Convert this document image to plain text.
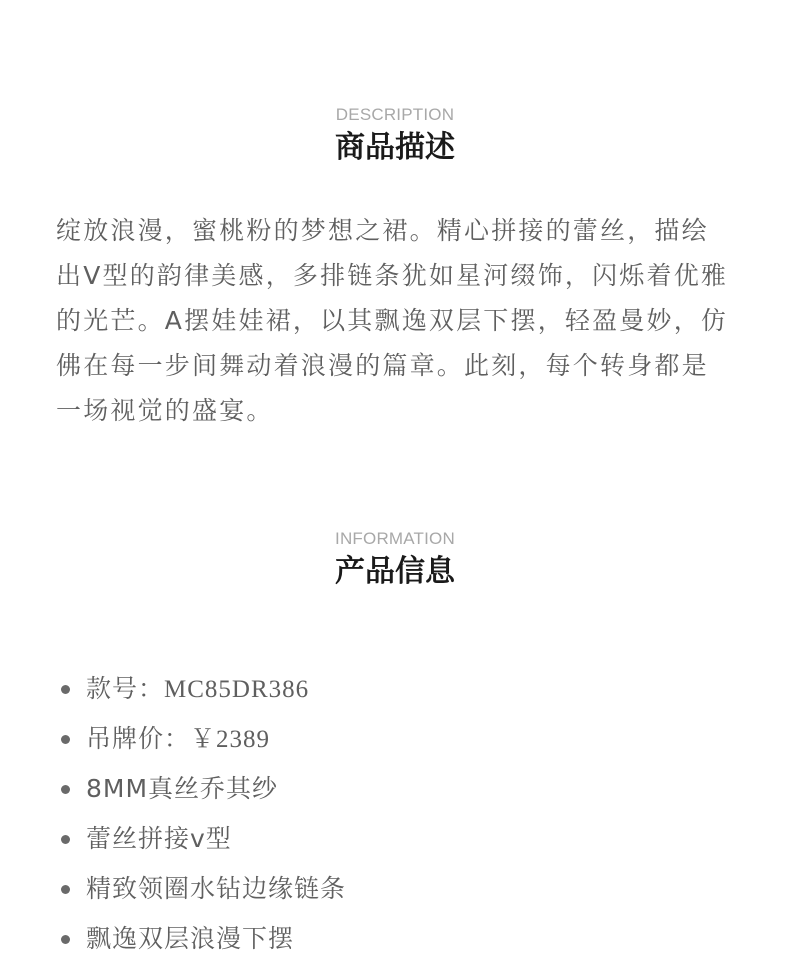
DESCRIPTION
商品描述

绽放浪漫，蜜桃粉的梦想之裙。精心拼接的蕾丝，描绘出V型的韵律美感，多排链条犹如星河缀饰，闪烁着优雅的光芒。A摆娃娃裙，以其飘逸双层下摆，轻盈曼妙，仿佛在每一步间舞动着浪漫的篇章。此刻，每个转身都是一场视觉的盛宴。

INFORMATION
产品信息
款号：MC85DR386
吊牌价：￥2389
8MM真丝乔其纱
蕾丝拼接v型
精致领圈水钻边缘链条
飘逸双层浪漫下摆
